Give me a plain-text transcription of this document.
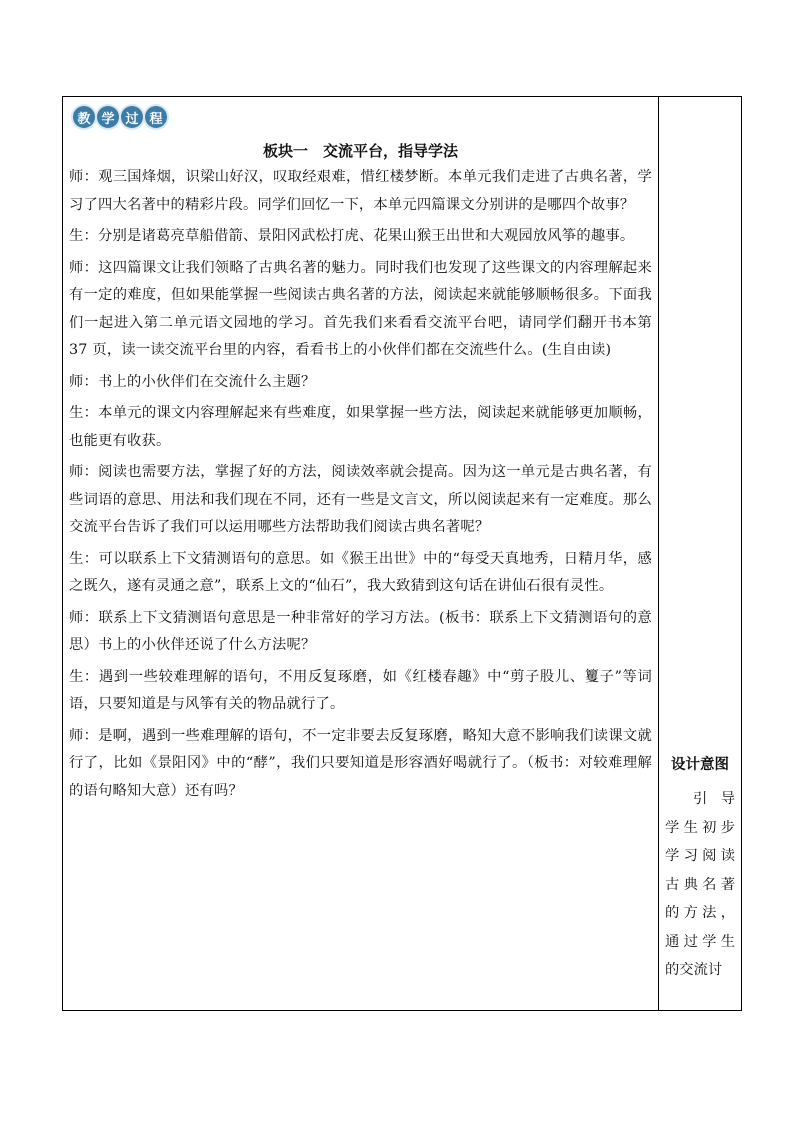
教 学 过 程
板块一　交流平台，指导学法

师：观三国烽烟，识梁山好汉，叹取经艰难，惜红楼梦断。本单元我们走进了古典名著，学习了四大名著中的精彩片段。同学们回忆一下，本单元四篇课文分别讲的是哪四个故事？

生：分别是诸葛亮草船借箭、景阳冈武松打虎、花果山猴王出世和大观园放风筝的趣事。

师：这四篇课文让我们领略了古典名著的魅力。同时我们也发现了这些课文的内容理解起来有一定的难度，但如果能掌握一些阅读古典名著的方法，阅读起来就能够顺畅很多。下面我们一起进入第二单元语文园地的学习。首先我们来看看交流平台吧，请同学们翻开书本第 37 页，读一读交流平台里的内容，看看书上的小伙伴们都在交流些什么。(生自由读)

师：书上的小伙伴们在交流什么主题？

生：本单元的课文内容理解起来有些难度，如果掌握一些方法，阅读起来就能够更加顺畅，也能更有收获。

师：阅读也需要方法，掌握了好的方法，阅读效率就会提高。因为这一单元是古典名著，有些词语的意思、用法和我们现在不同，还有一些是文言文，所以阅读起来有一定难度。那么交流平台告诉了我们可以运用哪些方法帮助我们阅读古典名著呢？

生：可以联系上下文猜测语句的意思。如《猴王出世》中的“每受天真地秀，日精月华，感之既久，遂有灵通之意”，联系上文的“仙石”，我大致猜到这句话在讲仙石很有灵性。

师：联系上下文猜测语句意思是一种非常好的学习方法。(板书：联系上下文猜测语句的意思）书上的小伙伴还说了什么方法呢？

生：遇到一些较难理解的语句，不用反复琢磨，如《红楼春趣》中“剪子股儿、籰子”等词语，只要知道是与风筝有关的物品就行了。

师：是啊，遇到一些难理解的语句，不一定非要去反复琢磨，略知大意不影响我们读课文就行了，比如《景阳冈》中的“酵”，我们只要知道是形容酒好喝就行了。（板书：对较难理解的语句略知大意）还有吗？

设计意图
引导学生初步学习阅读古典名著的方法，通过学生的交流讨
